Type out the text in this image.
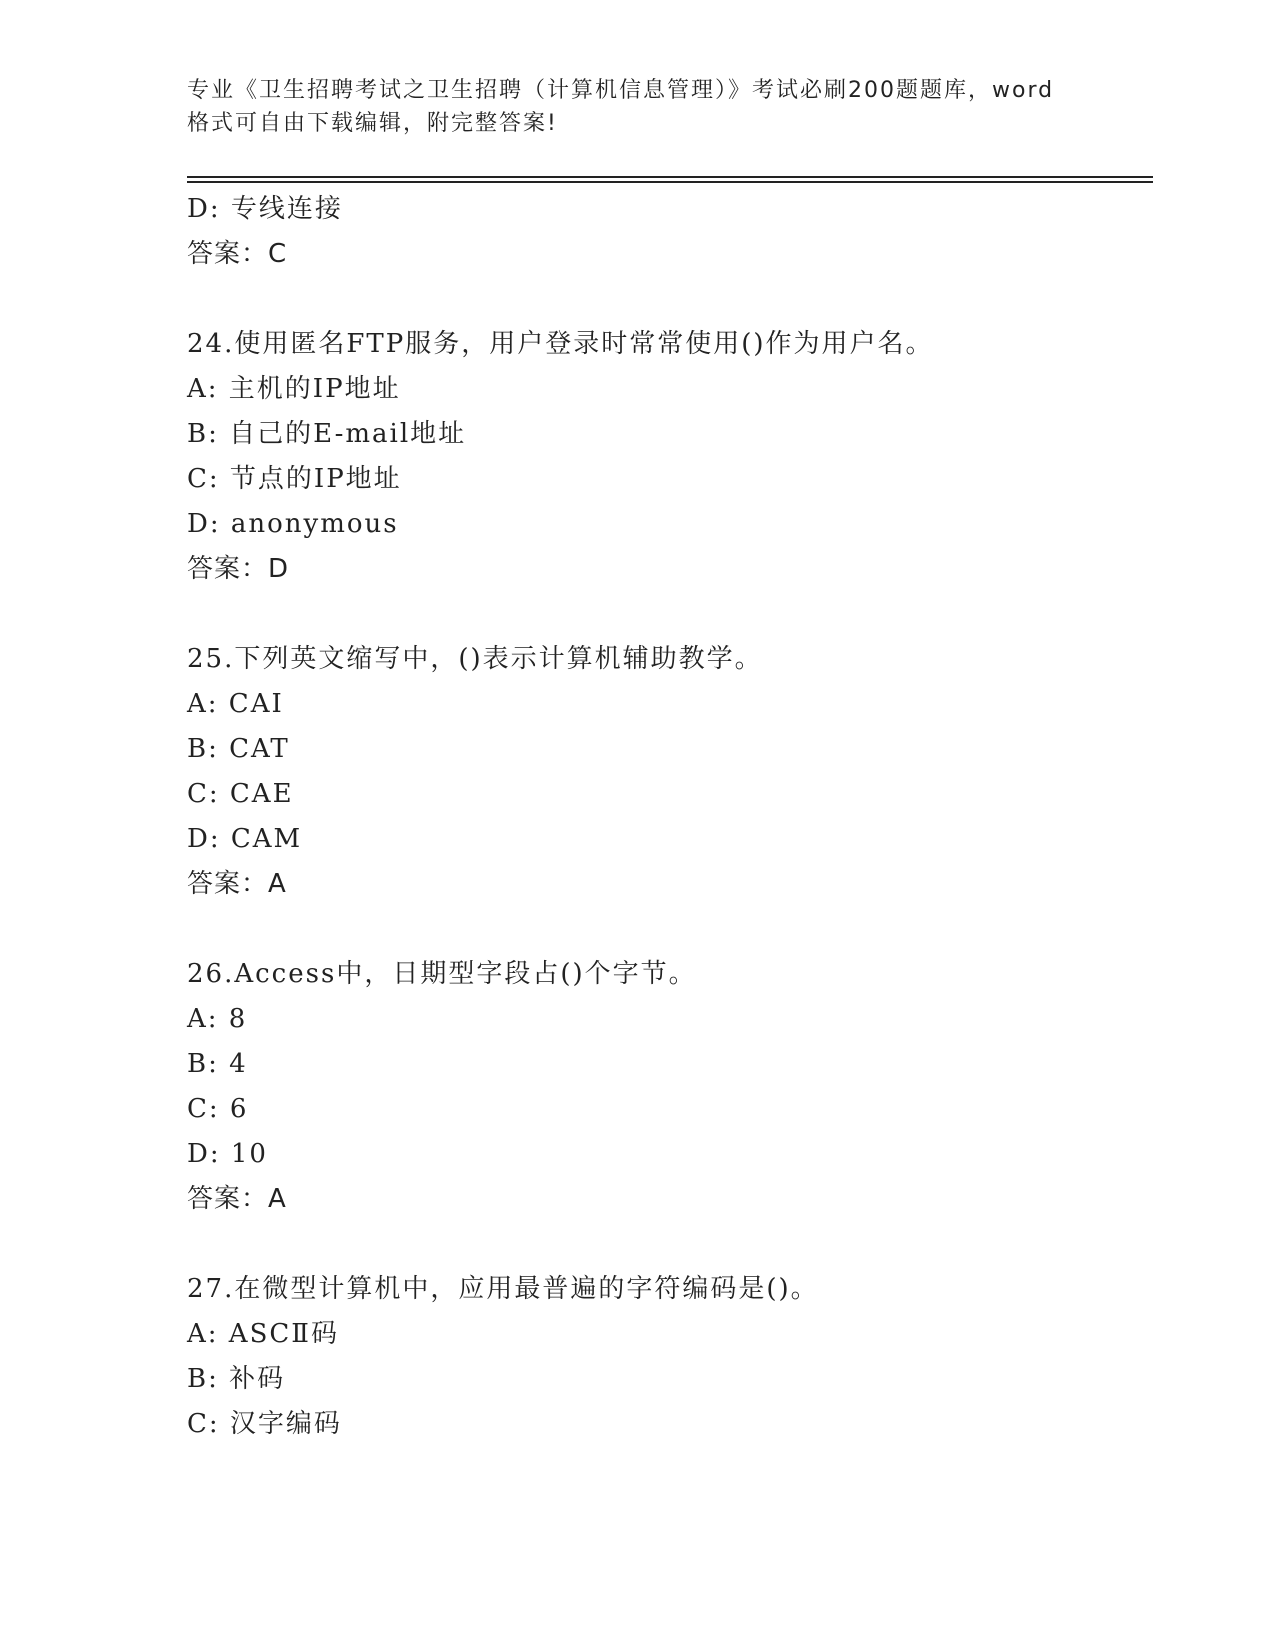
专业《卫生招聘考试之卫生招聘（计算机信息管理）》考试必刷200题题库，word
格式可自由下载编辑，附完整答案!
D: 专线连接
答案：C
24.使用匿名FTP服务，用户登录时常常使用()作为用户名。
A: 主机的IP地址
B: 自己的E-mail地址
C: 节点的IP地址
D: anonymous
答案：D
25.下列英文缩写中，()表示计算机辅助教学。
A: CAI
B: CAT
C: CAE
D: CAM
答案：A
26.Access中，日期型字段占()个字节。
A: 8
B: 4
C: 6
D: 10
答案：A
27.在微型计算机中，应用最普遍的字符编码是()。
A: ASCⅡ码
B: 补码
C: 汉字编码
